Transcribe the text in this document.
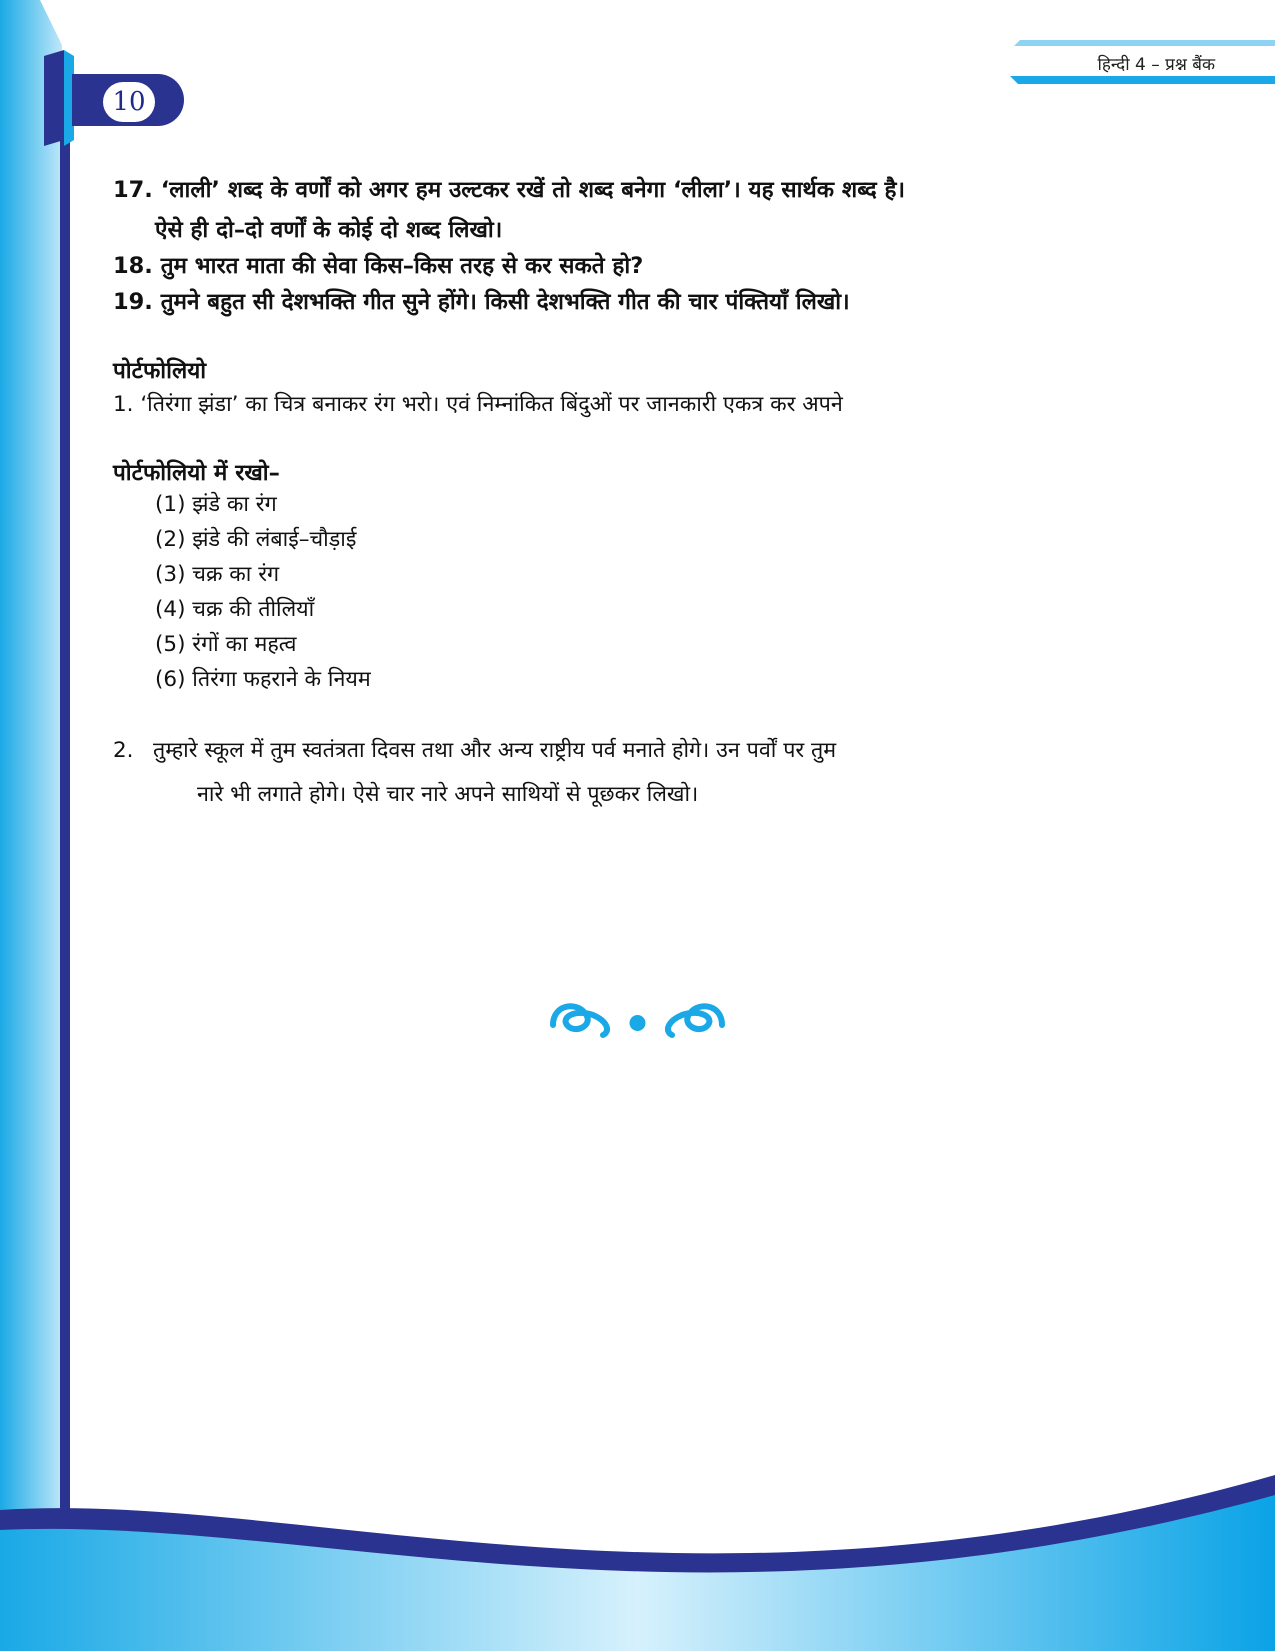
10
हिन्दी 4 – प्रश्न बैंक

17. ‘लाली’ शब्द के वर्णों को अगर हम उल्टकर रखें तो शब्द बनेगा ‘लीला’। यह सार्थक शब्द है।

ऐसे ही दो–दो वर्णों के कोई दो शब्द लिखो।

18. तुम भारत माता की सेवा किस–किस तरह से कर सकते हो?

19. तुमने बहुत सी देशभक्ति गीत सुने होंगे। किसी देशभक्ति गीत की चार पंक्तियाँ लिखो।

पोर्टफोलियो

1. ‘तिरंगा झंडा’ का चित्र बनाकर रंग भरो। एवं निम्नांकित बिंदुओं पर जानकारी एकत्र कर अपने

पोर्टफोलियो में रखो–

(1) झंडे का रंग

(2) झंडे की लंबाई–चौड़ाई

(3) चक्र का रंग

(4) चक्र की तीलियाँ

(5) रंगों का महत्व

(6) तिरंगा फहराने के नियम

2. तुम्हारे स्कूल में तुम स्वतंत्रता दिवस तथा और अन्य राष्ट्रीय पर्व मनाते होगे। उन पर्वों पर तुम

नारे भी लगाते होगे। ऐसे चार नारे अपने साथियों से पूछकर लिखो।
